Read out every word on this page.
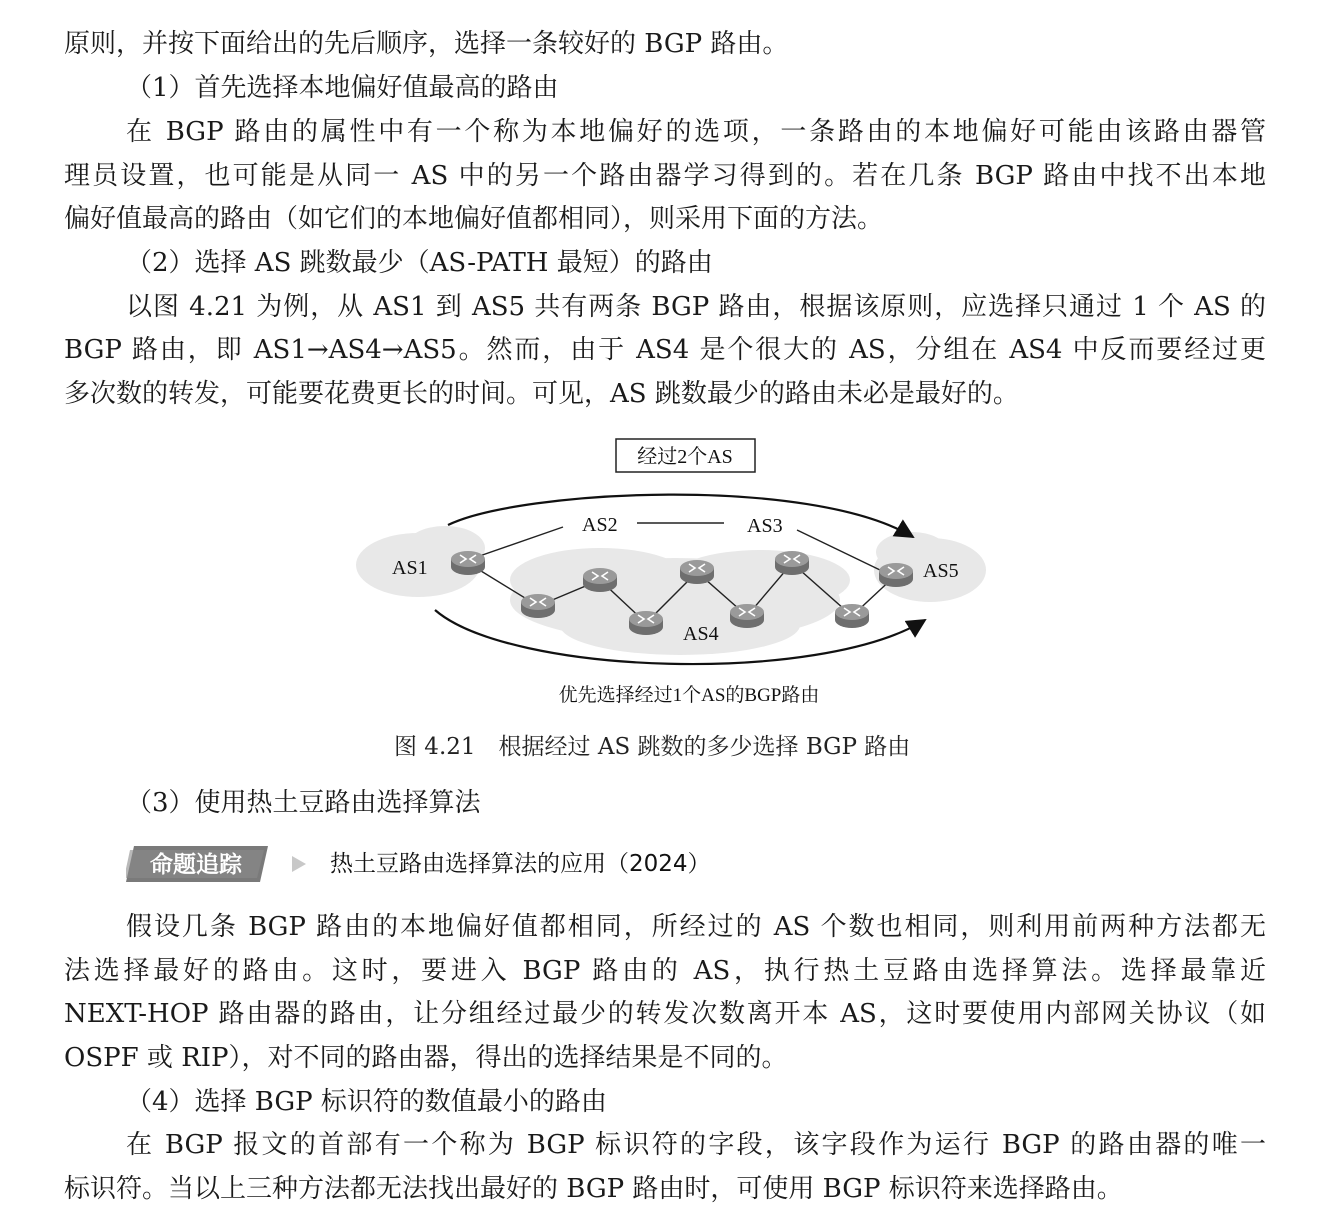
原则，并按下面给出的先后顺序，选择一条较好的 BGP 路由。
（1）首先选择本地偏好值最高的路由
在 BGP 路由的属性中有一个称为本地偏好的选项，一条路由的本地偏好可能由该路由器管
理员设置，也可能是从同一 AS 中的另一个路由器学习得到的。若在几条 BGP 路由中找不出本地
偏好值最高的路由（如它们的本地偏好值都相同），则采用下面的方法。
（2）选择 AS 跳数最少（AS-PATH 最短）的路由
以图 4.21 为例，从 AS1 到 AS5 共有两条 BGP 路由，根据该原则，应选择只通过 1 个 AS 的
BGP 路由，即 AS1→AS4→AS5。然而，由于 AS4 是个很大的 AS，分组在 AS4 中反而要经过更
多次数的转发，可能要花费更长的时间。可见，AS 跳数最少的路由未必是最好的。
经过2个AS
AS1
AS2	AS3
AS4
AS5
优先选择经过1个AS的BGP路由
图 4.21　根据经过 AS 跳数的多少选择 BGP 路由
（3）使用热土豆路由选择算法
命题追踪	热土豆路由选择算法的应用（2024）
假设几条 BGP 路由的本地偏好值都相同，所经过的 AS 个数也相同，则利用前两种方法都无
法选择最好的路由。这时，要进入 BGP 路由的 AS，执行热土豆路由选择算法。选择最靠近
NEXT-HOP 路由器的路由，让分组经过最少的转发次数离开本 AS，这时要使用内部网关协议（如
OSPF 或 RIP），对不同的路由器，得出的选择结果是不同的。
（4）选择 BGP 标识符的数值最小的路由
在 BGP 报文的首部有一个称为 BGP 标识符的字段，该字段作为运行 BGP 的路由器的唯一
标识符。当以上三种方法都无法找出最好的 BGP 路由时，可使用 BGP 标识符来选择路由。
